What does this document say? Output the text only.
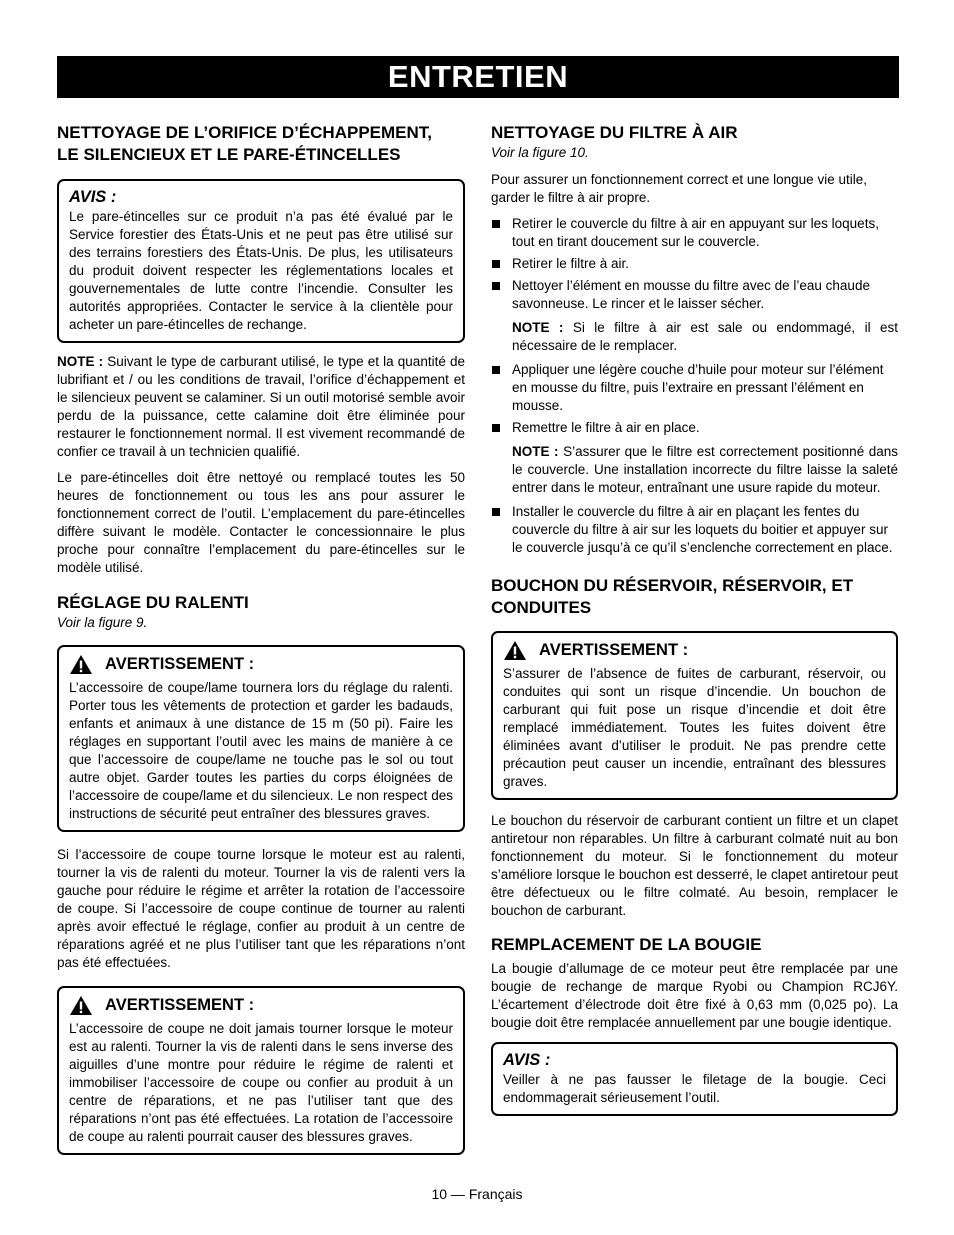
ENTRETIEN
NETTOYAGE DE L’ORIFICE D’ÉCHAPPEMENT,
LE SILENCIEUX ET LE PARE-ÉTINCELLES
AVIS :

Le pare-étincelles sur ce produit n’a pas été évalué par le Service forestier des États-Unis et ne peut pas être utilisé sur des terrains forestiers des États-Unis. De plus, les utilisateurs du produit doivent respecter les réglementations locales et gouvernementales de lutte contre l’incendie. Consulter les autorités appropriées. Contacter le service à la clientèle pour acheter un pare-étincelles de rechange.

NOTE : Suivant le type de carburant utilisé, le type et la quantité de lubrifiant et / ou les conditions de travail, l’orifice d’échappement et le silencieux peuvent se calaminer. Si un outil motorisé semble avoir perdu de la puissance, cette calamine doit être éliminée pour restaurer le fonctionnement normal. Il est vivement recommandé de confier ce travail à un technicien qualifié.

Le pare-étincelles doit être nettoyé ou remplacé toutes les 50 heures de fonctionnement ou tous les ans pour assurer le fonctionnement correct de l’outil. L’emplacement du pare-étincelles diffère suivant le modèle. Contacter le concessionnaire le plus proche pour connaître l’emplacement du pare-étincelles sur le modèle utilisé.

RÉGLAGE DU RALENTI
Voir la figure 9.
AVERTISSEMENT :

L’accessoire de coupe/lame tournera lors du réglage du ralenti. Porter tous les vêtements de protection et garder les badauds, enfants et animaux à une distance de 15 m (50 pi). Faire les réglages en supportant l’outil avec les mains de manière à ce que l’accessoire de coupe/lame ne touche pas le sol ou tout autre objet. Garder toutes les parties du corps éloignées de l’accessoire de coupe/lame et du silencieux. Le non respect des instructions de sécurité peut entraîner des blessures graves.

Si l’accessoire de coupe tourne lorsque le moteur est au ralenti, tourner la vis de ralenti du moteur. Tourner la vis de ralenti vers la gauche pour réduire le régime et arrêter la rotation de l’accessoire de coupe. Si l’accessoire de coupe continue de tourner au ralenti après avoir effectué le réglage, confier au produit à un centre de réparations agréé et ne plus l’utiliser tant que les réparations n’ont pas été effectuées.

AVERTISSEMENT :

L’accessoire de coupe ne doit jamais tourner lorsque le moteur est au ralenti. Tourner la vis de ralenti dans le sens inverse des aiguilles d’une montre pour réduire le régime de ralenti et immobiliser l’accessoire de coupe ou confier au produit à un centre de réparations, et ne pas l’utiliser tant que des réparations n’ont pas été effectuées. La rotation de l’accessoire de coupe au ralenti pourrait causer des blessures graves.

NETTOYAGE DU FILTRE À AIR
Voir la figure 10.

Pour assurer un fonctionnement correct et une longue vie utile, garder le filtre à air propre.

Retirer le couvercle du filtre à air en appuyant sur les loquets, tout en tirant doucement sur le couvercle.
Retirer le filtre à air.
Nettoyer l’élément en mousse du filtre avec de l’eau chaude savonneuse. Le rincer et le laisser sécher.
NOTE : Si le filtre à air est sale ou endommagé, il est nécessaire de le remplacer.
Appliquer une légère couche d’huile pour moteur sur l’élément en mousse du filtre, puis l’extraire en pressant l’élément en mousse.
Remettre le filtre à air en place.
NOTE : S’assurer que le filtre est correctement positionné dans le couvercle. Une installation incorrecte du filtre laisse la saleté entrer dans le moteur, entraînant une usure rapide du moteur.
Installer le couvercle du filtre à air en plaçant les fentes du couvercle du filtre à air sur les loquets du boitier et appuyer sur le couvercle jusqu’à ce qu’il s’enclenche correctement en place.
BOUCHON DU RÉSERVOIR, RÉSERVOIR, ET
CONDUITES
AVERTISSEMENT :

S’assurer de l’absence de fuites de carburant, réservoir, ou conduites qui sont un risque d’incendie. Un bouchon de carburant qui fuit pose un risque d’incendie et doit être remplacé immédiatement. Toutes les fuites doivent être éliminées avant d’utiliser le produit. Ne pas prendre cette précaution peut causer un incendie, entraînant des blessures graves.

Le bouchon du réservoir de carburant contient un filtre et un clapet antiretour non réparables. Un filtre à carburant colmaté nuit au bon fonctionnement du moteur. Si le fonctionnement du moteur s’améliore lorsque le bouchon est desserré, le clapet antiretour peut être défectueux ou le filtre colmaté. Au besoin, remplacer le bouchon de carburant.

REMPLACEMENT DE LA BOUGIE

La bougie d’allumage de ce moteur peut être remplacée par une bougie de rechange de marque Ryobi ou Champion RCJ6Y. L’écartement d’électrode doit être fixé à 0,63 mm (0,025 po). La bougie doit être remplacée annuellement par une bougie identique.

AVIS :

Veiller à ne pas fausser le filetage de la bougie. Ceci endommagerait sérieusement l’outil.

10 — Français
